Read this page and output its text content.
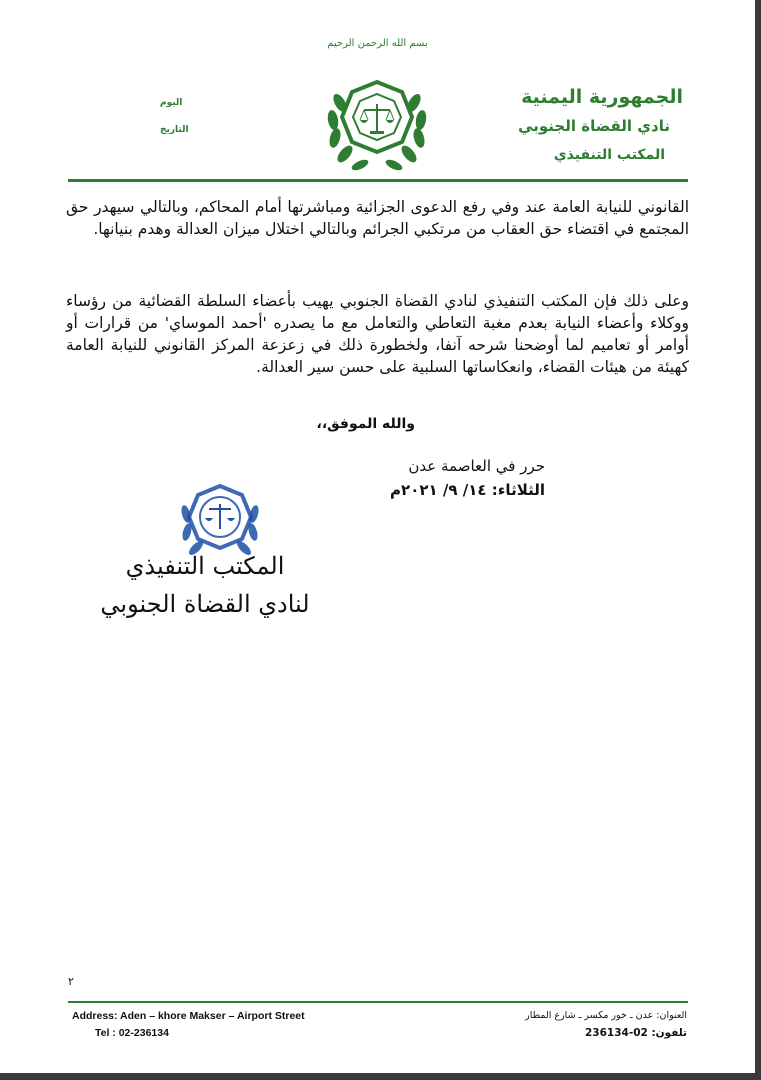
بسم الله الرحمن الرحيم
الجمهورية اليمنية
نادي القضاة الجنوبي
المكتب التنفيذي
اليوم
التاريخ
القانوني للنيابة العامة عند وفي رفع الدعوى الجزائية ومباشرتها أمام المحاكم، وبالتالي سيهدر حق المجتمع في اقتضاء حق العقاب من مرتكبي الجرائم وبالتالي اختلال ميزان العدالة وهدم بنيانها.
وعلى ذلك فإن المكتب التنفيذي لنادي القضاة الجنوبي يهيب بأعضاء السلطة القضائية من رؤساء ووكلاء وأعضاء النيابة بعدم مغبة التعاطي والتعامل مع ما يصدره 'أحمد الموساي' من قرارات أو أوامر أو تعاميم لما أوضحنا شرحه آنفا، ولخطورة ذلك في زعزعة المركز القانوني للنيابة العامة كهيئة من هيئات القضاء، وانعكاساتها السلبية على حسن سير العدالة.
والله الموفق،،
حرر في العاصمة عدن
الثلاثاء: ١٤/ ٩/ ٢٠٢١م
المكتب التنفيذي
لنادي القضاة الجنوبي
٢
Address: Aden – khore Makser – Airport Street
Tel : 02-236134
العنوان: عدن ـ خور مكسر ـ شارع المطار
تلفون: 02-236134
